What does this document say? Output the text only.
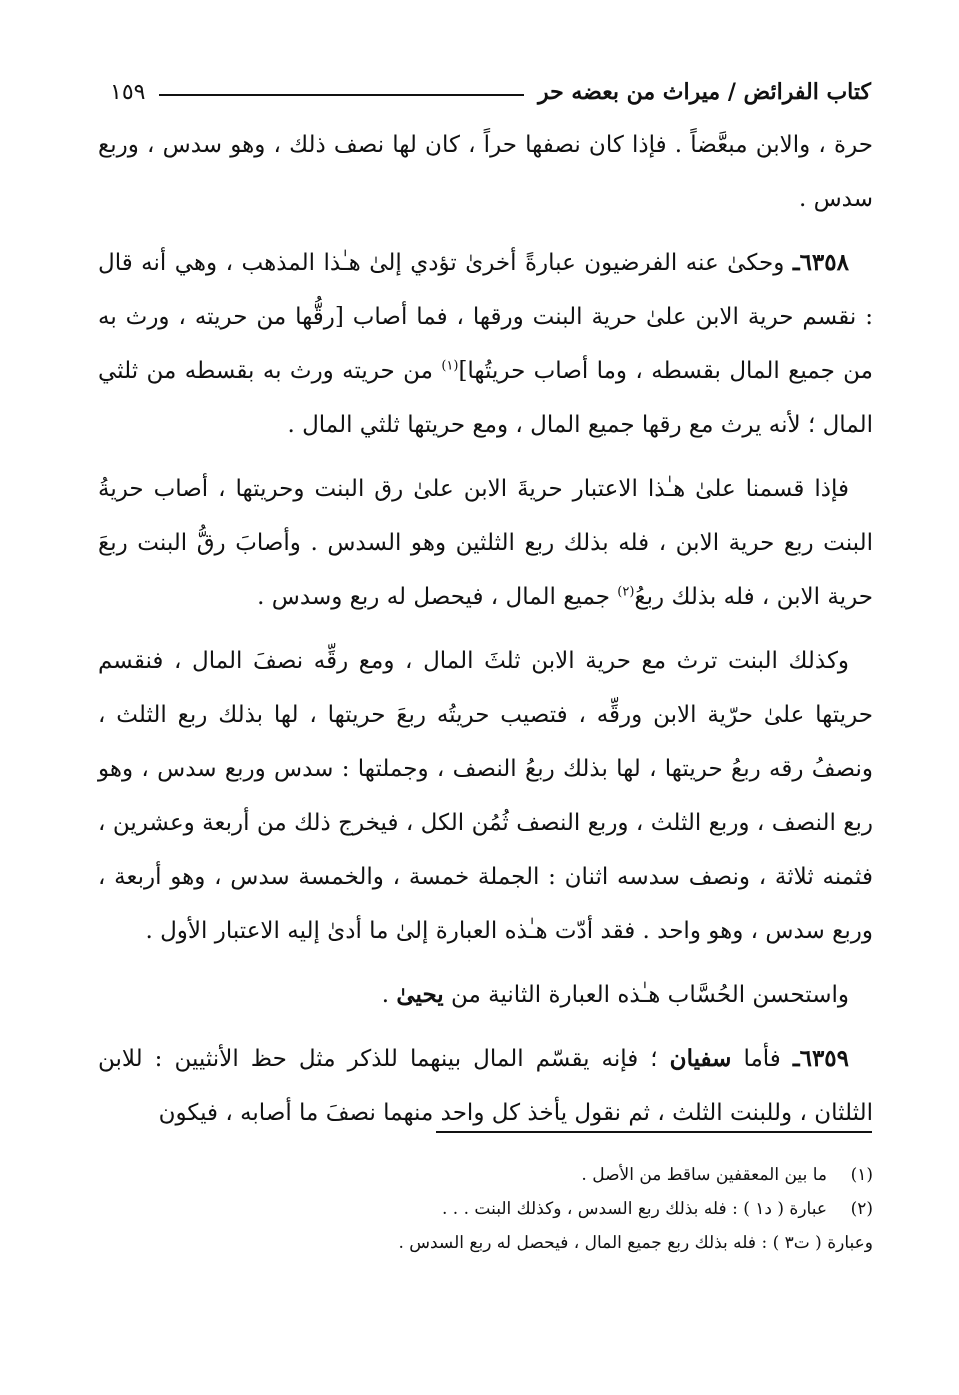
كتاب الفرائض / ميراث من بعضه حر
١٥٩

حرة ، والابن مبعَّضاً . فإذا كان نصفها حراً ، كان لها نصف ذلك ، وهو سدس ، وربع سدس .

٦٣٥٨ـ وحكىٰ عنه الفرضيون عبارةً أخرىٰ تؤدي إلىٰ هـٰذا المذهب ، وهي أنه قال : نقسم حرية الابن علىٰ حرية البنت ورقها ، فما أصاب [رقُّها من حريته ، ورث به من جميع المال بقسطه ، وما أصاب حريتُها]$^{(١)}$ من حريته ورث به بقسطه من ثلثي المال ؛ لأنه يرث مع رقها جميع المال ، ومع حريتها ثلثي المال .

فإذا قسمنا علىٰ هـٰذا الاعتبار حريةَ الابن علىٰ رق البنت وحريتها ، أصاب حريةُ البنت ربع حرية الابن ، فله بذلك ربع الثلثين وهو السدس . وأصابَ رقُّ البنت ربعَ حرية الابن ، فله بذلك ربعُ$^{(٢)}$ جميع المال ، فيحصل له ربع وسدس .

وكذلك البنت ترث مع حرية الابن ثلثَ المال ، ومع رقِّه نصفَ المال ، فنقسم حريتها علىٰ حرّية الابن ورقِّه ، فتصيب حريتُه ربعَ حريتها ، لها بذلك ربع الثلث ، ونصفُ رقه ربعُ حريتها ، لها بذلك ربعُ النصف ، وجملتها : سدس وربع سدس ، وهو ربع النصف ، وربع الثلث ، وربع النصف ثُمُن الكل ، فيخرج ذلك من أربعة وعشرين ، فثمنه ثلاثة ، ونصف سدسه اثنان : الجملة خمسة ، والخمسة سدس ، وهو أربعة ، وربع سدس ، وهو واحد . فقد أدّت هـٰذه العبارة إلىٰ ما أدىٰ إليه الاعتبار الأول .

واستحسن الحُسَّاب هـٰذه العبارة الثانية من يحيىٰ .

٦٣٥٩ـ فأما سفيان ؛ فإنه يقسّم المال بينهما للذكر مثل حظ الأنثيين : للابن الثلثان ، وللبنت الثلث ، ثم نقول يأخذ كل واحد منهما نصفَ ما أصابه ، فيكون

(١)
ما بين المعقفين ساقط من الأصل .
(٢)
عبارة ( د١ ) : فله بذلك ربع السدس ، وكذلك البنت . . .
وعبارة ( ت٣ ) : فله بذلك ربع جميع المال ، فيحصل له ربع السدس .
